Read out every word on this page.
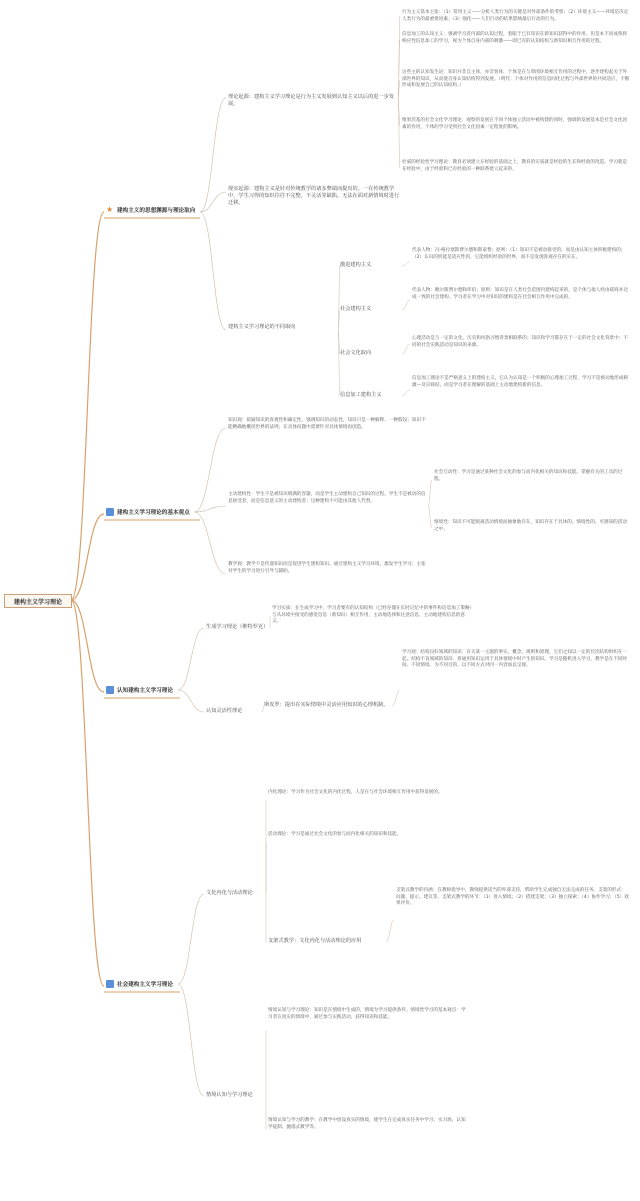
建构主义学习理论
★ 建构主义的思想渊源与理论取向
理论起源：建构主义学习理论是行为主义发展到认知主义以后的进一步发展。
行为主义基本主张：（1）常用主义——分析人类行为的关键是对外部条件的考察；（2）环境主义——环境是决定人类行为的最重要因素；（3）强化——人们行动的结果影响最后行动的行为。
信息加工的认知主义：强调学习者内部的认知过程，着眼于已有知识在新知识获得中的作用。但是本不同成熟将响应性信息加工的学习，视为个体自身内部的刺激——即已有的认知结构与新知识相互作用的过程。
这些主的认知发生论：知识并非自主体，亦非客体，个体是在与周围环境相互作用的过程中，逐步建构起关于外部世界的知识，从而使自身认知结构得到发展。（明代：个体对作用的信息同化过程与外部世界的共同适应，不断形成和发展自己的认知结构。）
维果茨基的社会文化学习理论：观察的发展在不同个体独立活动中被构建的同时，强调的发展基本是社会文化因素的作用，个体的学习受到社会文化因素一定程度的影响。
杜威的经验性学习理论：教育必须建立在经验的基础之上，教育的实质就是经验的生长和经验的改造。学习就是在经验中，由于经验和已有经验的一种联系建立起来的。
现实起源：建构主义是针对传统教学的诸多弊端而提出的。一在传统教学中，学生习得的知识往往不完整，不灵活等缺陷。无法在面对新情境时进行迁移。
建构主义学习理论的不同取向
激进建构主义
代表人物：冯·格拉塞斯费尔德和斯泰费；原则：（1）知识不是被动接受的，而是由认知主体积极建构的；（2）认识的机能是适应性的，它能组织经验的世界，而不是发现客观存在的实在。
社会建构主义
代表人物：鲍尔斯费尔德和库伯；原则：知识是在人类社会范围内建构起来的，是个体与他人经由磋商并达成一致的社会建构。学习者在学习中对知识的建构是在社会相互作用中完成的。
社会文化取向
心理活动是与一定的文化、历史和风俗习惯背景相联系的；知识和学习都存在于一定的社会文化背景中；不同的社会实践活动是知识的来源。
信息加工建构主义
信息加工理论不是严格意义上的建构主义，它认为认知是一个积极的心理加工过程，学习不是被动地形成刺激—反应联结，而是学习者在理解的基础上主动地建构新的信息。
建构主义学习理论的基本观点
知识观：质疑知识的客观性和确定性，强调知识的动态性，知识只是一种解释、一种假设；知识不能精确地概括世界的法则；在具体问题中需要针对具体情境再创造。
主动建构性：学生不是被知识填满的容器，而是学生主动建构自己知识的过程。学生不是被动的信息接受者，而是信息意义的主动建构者；这种建构不可能由其他人代替。
社会互动性：学习是通过某种社会文化的参与而内化相关的知识和技能。掌握有关的工具的过程。
情境性：知识不可能脱离活动情境而抽象地存在，知识存在于具体的、情境性的、可感知的活动之中。
教学观：教学不是传递知识而是促进学生建构知识。通过建构主义学习环境，激发学生学习；主张对学生的学习进行引导与辅助。
认知建构主义学习理论
生成学习理论（维特罗克）
学习实质：在生成学习中，学习者要有的认知结构（已经存储在长时记忆中的事件和信息加工策略）与从环境中接受的感觉信息（新知识）相互作用，主动地选择和注意信息，主动地建构信息的意义。
认知灵活性理论
斯皮罗：提出在实际情境中灵活应用知识的心理机制。
学习观：结构良好领域的知识：有关某一主题的事实、概念、规则和原理，它们之间以一定的层次结构组织在一起。结构不良领域的知识：将通用知识运用于具体情境中时产生的知识。学习是随机进入学习，教学是在不同时间、不同情境、为不同目的、以不同方式对同一内容加以呈现。
社会建构主义学习理论
文化内化与活动理论
内化理论：学习作为社会文化的内化过程，人是在与社会环境相互作用中获得发展的。
活动理论：学习是通过社会文化的参与而内化相关的知识和技能。
支架式教学：文化内化与活动理论的应用
支架式教学的内涵：在教师指导中，教师提供适当的外部支持，帮助学生完成独自无法完成的任务。支架的形式：问题、提示、建议等。支架式教学的环节：（1）进入情境；（2）搭建支架；（3）独立探索；（4）协作学习；（5）效果评价。
情境认知与学习理论
情境认知与学习理论：知识是在情境中生成的，情境为学习提供条件。情境性学习的基本观点：学习者在真实的情境中，通过参与实践活动，获得知识和技能。
情境认知与学习的教学：在教学中创设真实的情境，使学生在完成真实任务中学习；实习场、认知学徒制、抛锚式教学等。
